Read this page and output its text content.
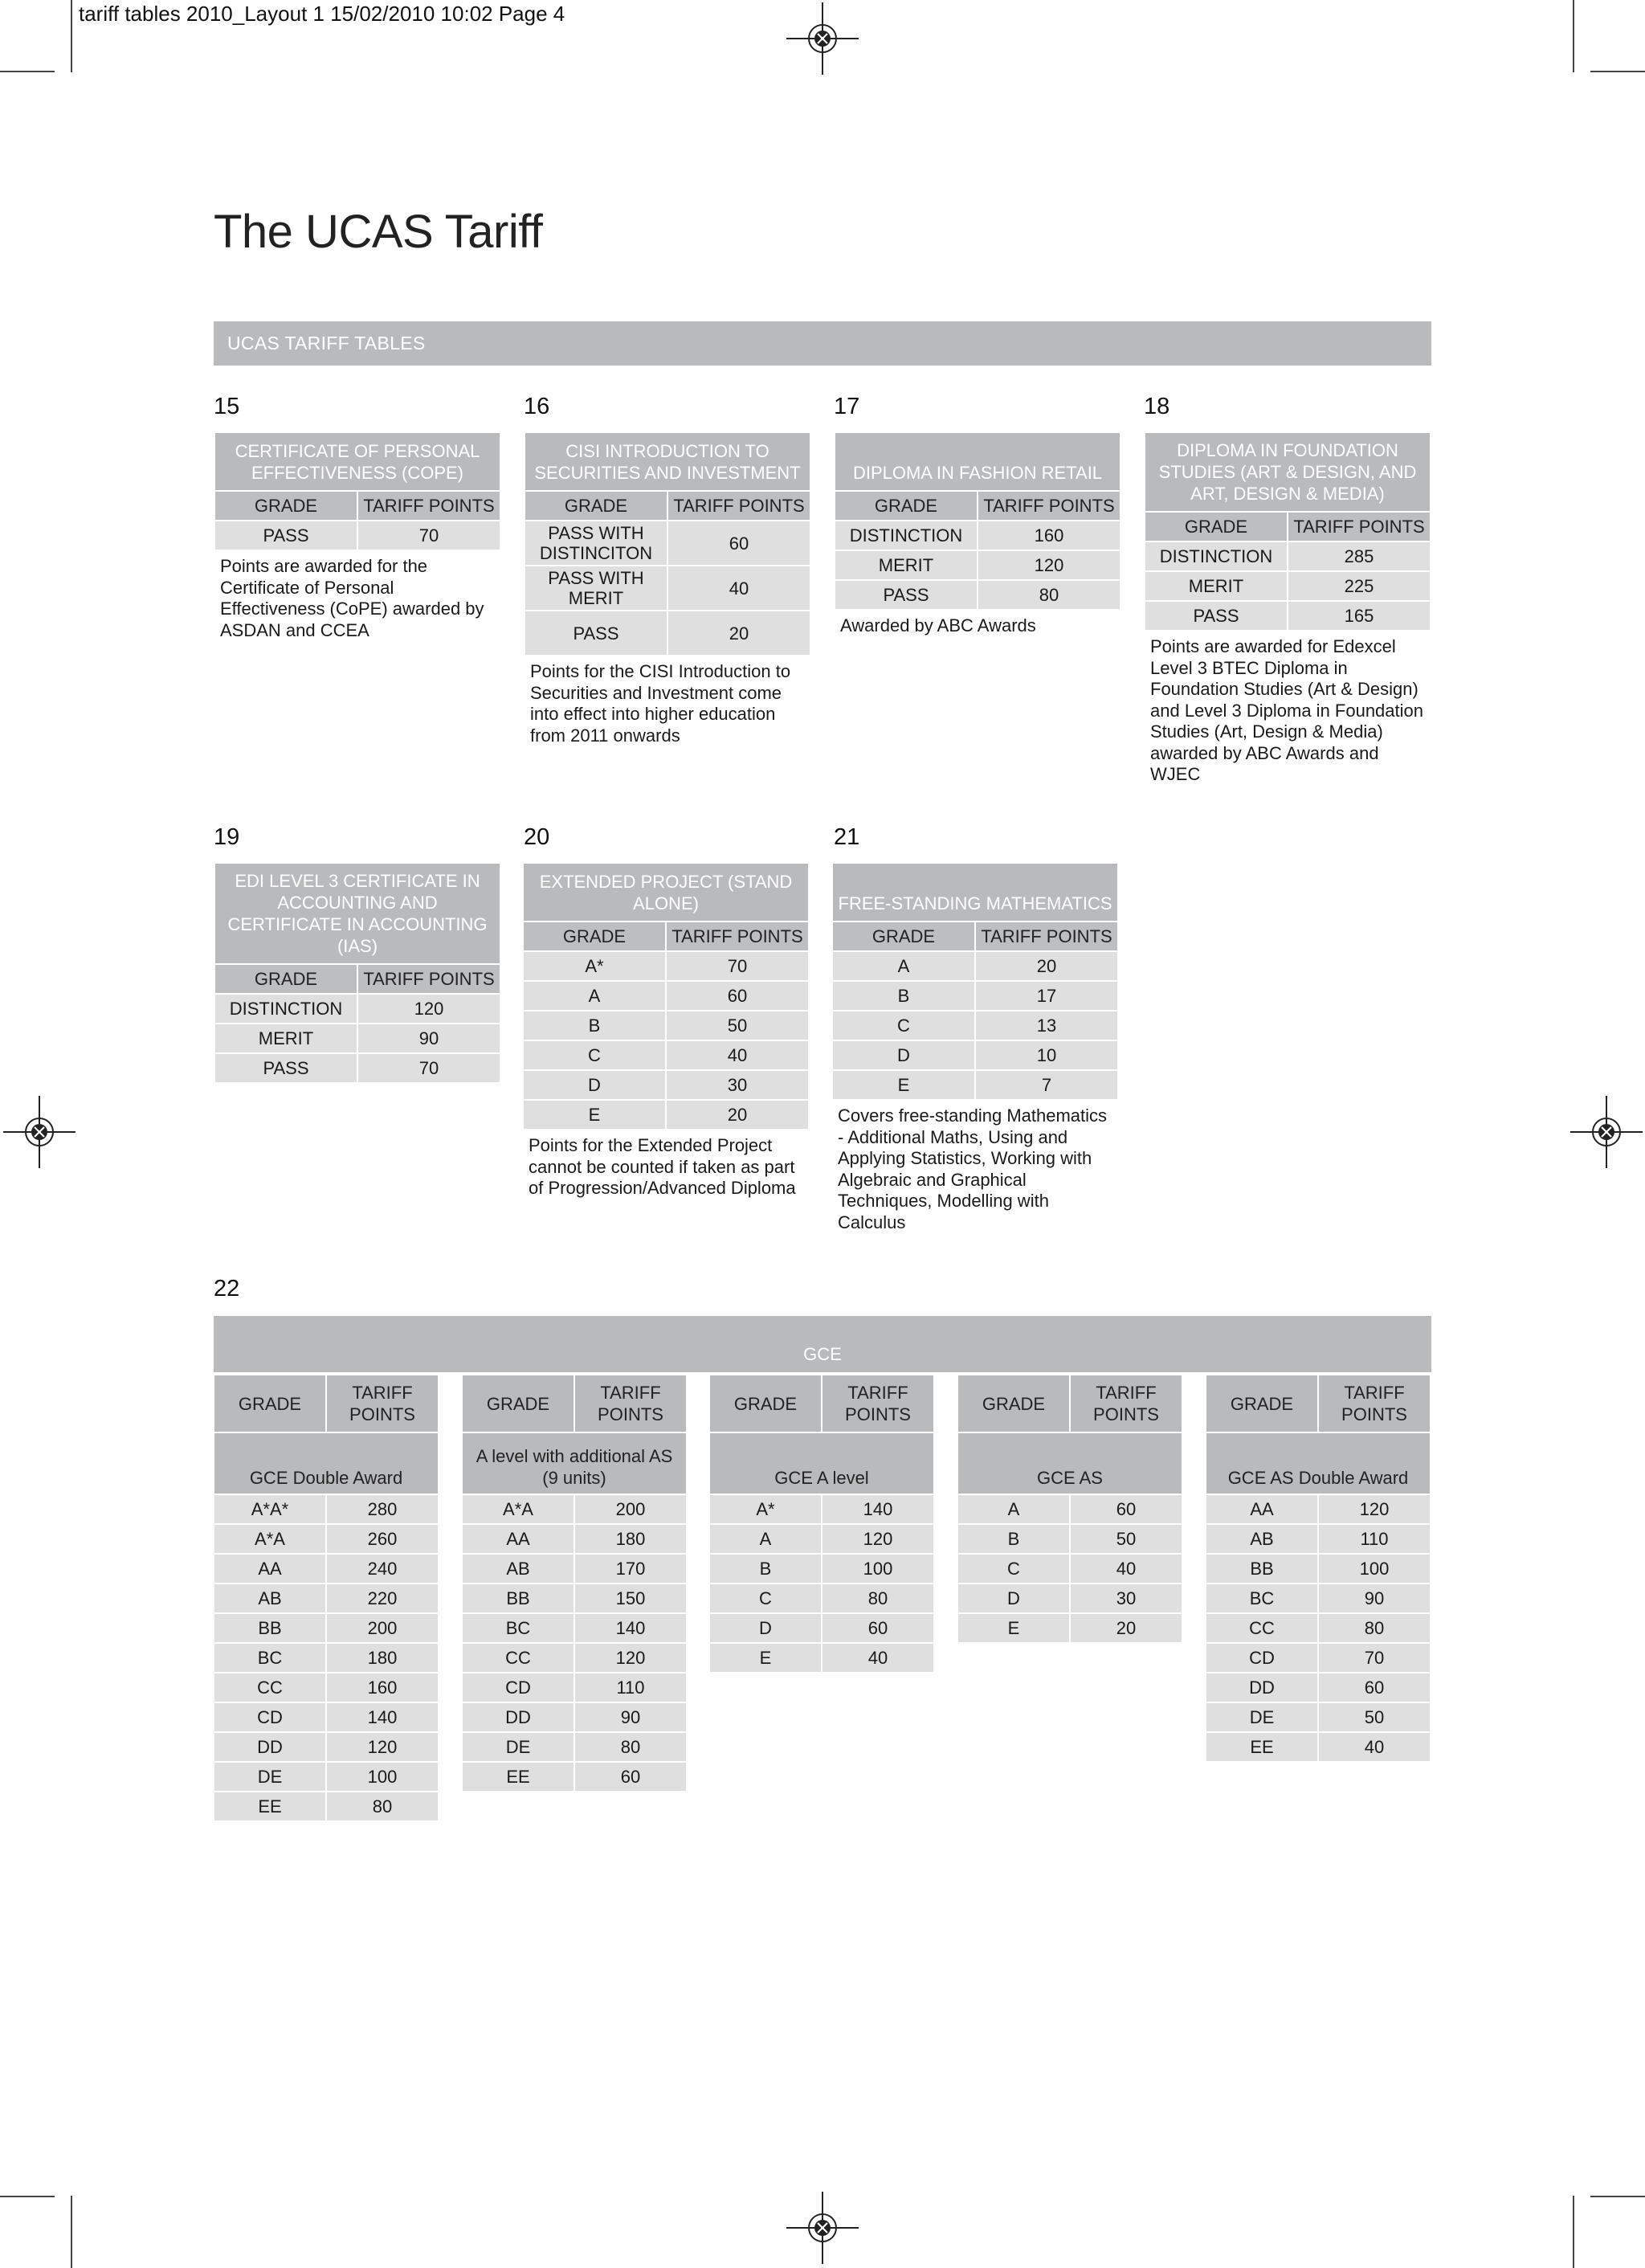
tariff tables 2010_Layout 1 15/02/2010 10:02 Page 4
The UCAS Tariff
UCAS TARIFF TABLES
15
CERTIFICATE OF PERSONAL EFFECTIVENESS (COPE)	
GRADE	TARIFF POINTS
PASS	70
Points are awarded for the Certificate of Personal Effectiveness (CoPE) awarded by ASDAN and CCEA
16
CISI INTRODUCTION TO SECURITIES AND INVESTMENT	
GRADE	TARIFF POINTS
PASS WITH DISTINCITON	60
PASS WITH MERIT	40
PASS	20
Points for the CISI Introduction to Securities and Investment come into effect into higher education from 2011 onwards
17
DIPLOMA IN FASHION RETAIL	
GRADE	TARIFF POINTS
DISTINCTION	160
MERIT	120
PASS	80
Awarded by ABC Awards
18
DIPLOMA IN FOUNDATION STUDIES (ART & DESIGN, AND ART, DESIGN & MEDIA)	
GRADE	TARIFF POINTS
DISTINCTION	285
MERIT	225
PASS	165
Points are awarded for Edexcel Level 3 BTEC Diploma in Foundation Studies (Art & Design) and Level 3 Diploma in Foundation Studies (Art, Design & Media) awarded by ABC Awards and WJEC
19
EDI LEVEL 3 CERTIFICATE IN ACCOUNTING AND CERTIFICATE IN ACCOUNTING (IAS)	
GRADE	TARIFF POINTS
DISTINCTION	120
MERIT	90
PASS	70
20
EXTENDED PROJECT (STAND ALONE)	
GRADE	TARIFF POINTS
A*	70
A	60
B	50
C	40
D	30
E	20
Points for the Extended Project cannot be counted if taken as part of Progression/Advanced Diploma
21
FREE-STANDING MATHEMATICS	
GRADE	TARIFF POINTS
A	20
B	17
C	13
D	10
E	7
Covers free-standing Mathematics - Additional Maths, Using and Applying Statistics, Working with Algebraic and Graphical Techniques, Modelling with Calculus
22
GCE
GRADE	TARIFF POINTS
GCE Double Award	
A*A*	280
A*A	260
AA	240
AB	220
BB	200
BC	180
CC	160
CD	140
DD	120
DE	100
EE	80
GRADE	TARIFF POINTS
A level with additional AS (9 units)	
A*A	200
AA	180
AB	170
BB	150
BC	140
CC	120
CD	110
DD	90
DE	80
EE	60
GRADE	TARIFF POINTS
GCE A level	
A*	140
A	120
B	100
C	80
D	60
E	40
GRADE	TARIFF POINTS
GCE AS	
A	60
B	50
C	40
D	30
E	20
GRADE	TARIFF POINTS
GCE AS Double Award	
AA	120
AB	110
BB	100
BC	90
CC	80
CD	70
DD	60
DE	50
EE	40
